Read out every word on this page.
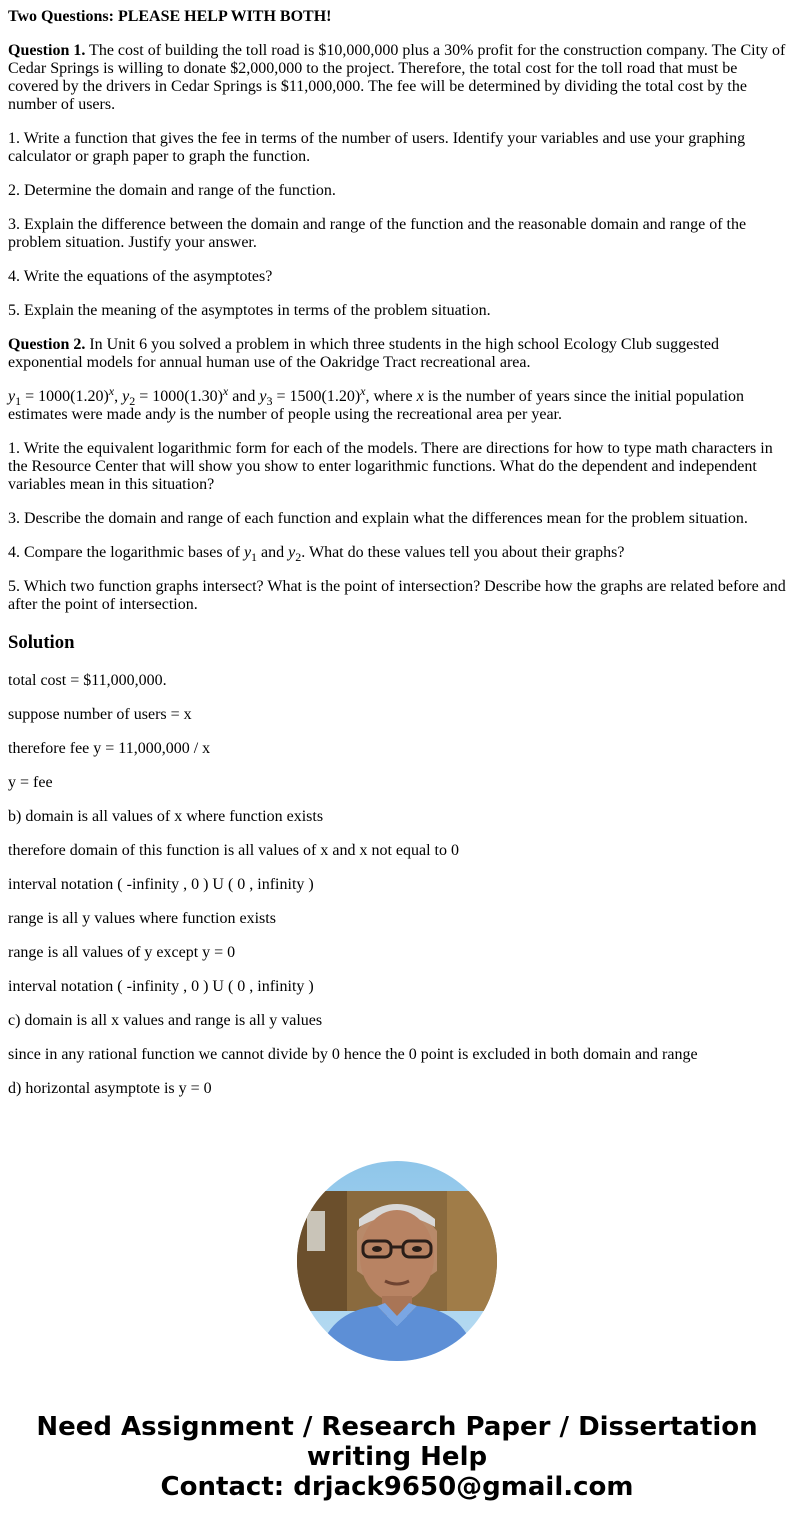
Two Questions: PLEASE HELP WITH BOTH!

Question 1. The cost of building the toll road is $10,000,000 plus a 30% profit for the construction company. The City of Cedar Springs is willing to donate $2,000,000 to the project. Therefore, the total cost for the toll road that must be covered by the drivers in Cedar Springs is $11,000,000. The fee will be determined by dividing the total cost by the number of users.

1. Write a function that gives the fee in terms of the number of users. Identify your variables and use your graphing calculator or graph paper to graph the function.

2. Determine the domain and range of the function.

3. Explain the difference between the domain and range of the function and the reasonable domain and range of the problem situation. Justify your answer.

4. Write the equations of the asymptotes?

5. Explain the meaning of the asymptotes in terms of the problem situation.

Question 2. In Unit 6 you solved a problem in which three students in the high school Ecology Club suggested exponential models for annual human use of the Oakridge Tract recreational area.

$y_1 = 1000(1.20)^x$, $y_2 = 1000(1.30)^x$ and $y_3 = 1500(1.20)^x$, where x is the number of years since the initial population estimates were made andy is the number of people using the recreational area per year.

1. Write the equivalent logarithmic form for each of the models. There are directions for how to type math characters in the Resource Center that will show you show to enter logarithmic functions. What do the dependent and independent variables mean in this situation?

3. Describe the domain and range of each function and explain what the differences mean for the problem situation.

4. Compare the logarithmic bases of $y_1$ and $y_2$. What do these values tell you about their graphs?

5. Which two function graphs intersect? What is the point of intersection? Describe how the graphs are related before and after the point of intersection.

Solution

total cost = $11,000,000.

suppose number of users = x

therefore fee y = 11,000,000 / x

y = fee

b) domain is all values of x where function exists

therefore domain of this function is all values of x and x not equal to 0

interval notation ( -infinity , 0 ) U ( 0 , infinity )

range is all y values where function exists

range is all values of y except y = 0

interval notation ( -infinity , 0 ) U ( 0 , infinity )

c) domain is all x values and range is all y values

since in any rational function we cannot divide by 0 hence the 0 point is excluded in both domain and range

d) horizontal asymptote is y = 0

Need Assignment / Research Paper / Dissertation writing Help
Contact: drjack9650@gmail.com
